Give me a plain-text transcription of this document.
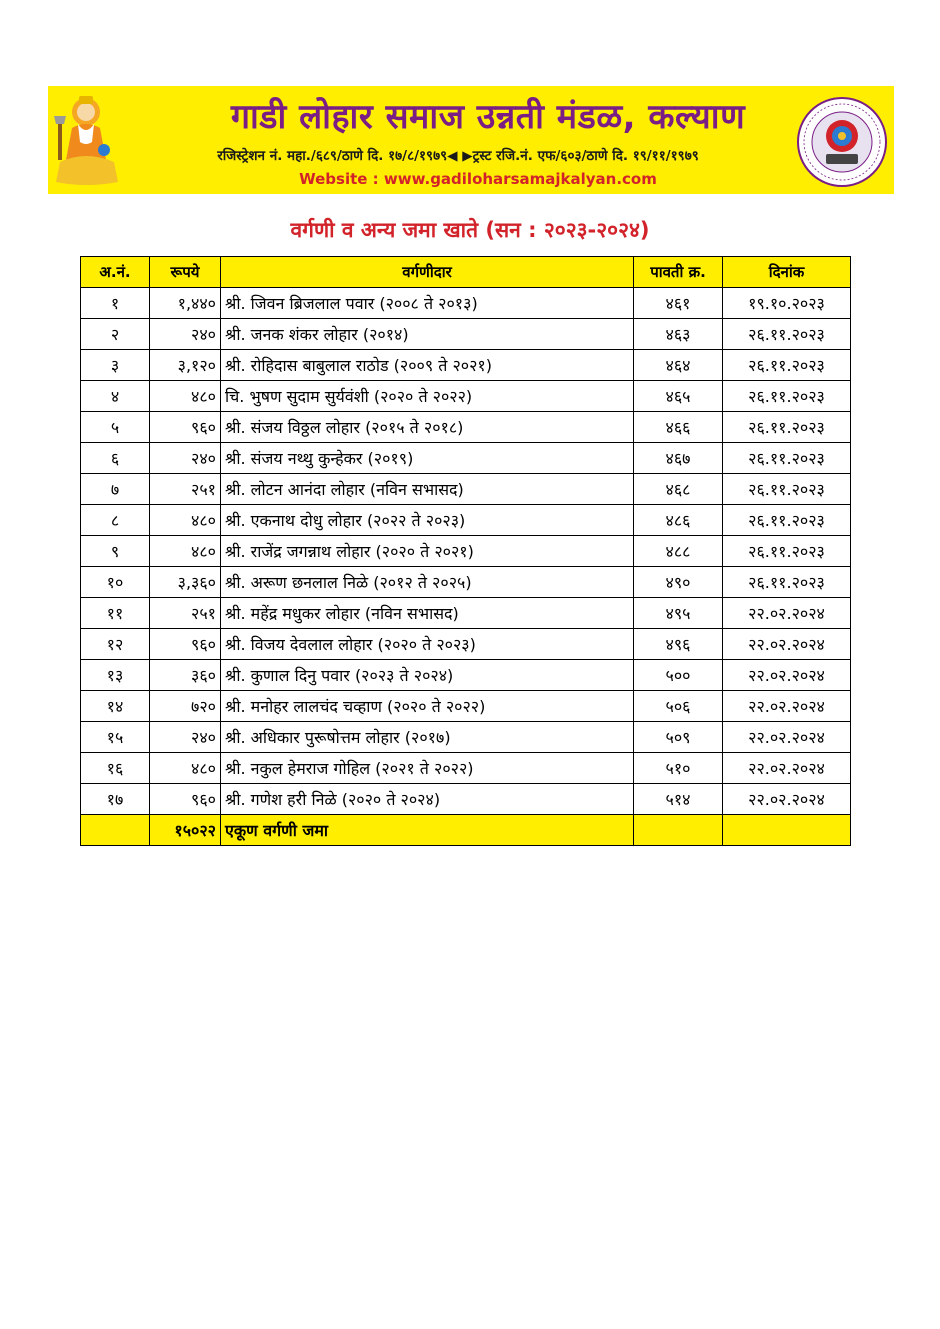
गाडी लोहार समाज उन्नती मंडळ, कल्याण
रजिस्ट्रेशन नं. महा./६८९/ठाणे दि. १७/८/१९७९◀ ▶ट्रस्ट रजि.नं. एफ/६०३/ठाणे दि. १९/११/१९७९
Website : www.gadiloharsamajkalyan.com
वर्गणी व अन्य जमा खाते (सन : २०२३-२०२४)
अ.नं.	रूपये	वर्गणीदार	पावती क्र.	दिनांक
१	१,४४०	श्री. जिवन ब्रिजलाल पवार (२००८ ते २०१३)	४६१	१९.१०.२०२३
२	२४०	श्री. जनक शंकर लोहार (२०१४)	४६३	२६.११.२०२३
३	३,१२०	श्री. रोहिदास बाबुलाल राठोड (२००९ ते २०२१)	४६४	२६.११.२०२३
४	४८०	चि. भुषण सुदाम सुर्यवंशी (२०२० ते २०२२)	४६५	२६.११.२०२३
५	९६०	श्री. संजय विठ्ठल लोहार (२०१५ ते २०१८)	४६६	२६.११.२०२३
६	२४०	श्री. संजय नथ्थु कुन्हेकर (२०१९)	४६७	२६.११.२०२३
७	२५१	श्री. लोटन आनंदा लोहार (नविन सभासद)	४६८	२६.११.२०२३
८	४८०	श्री. एकनाथ दोधु लोहार (२०२२ ते २०२३)	४८६	२६.११.२०२३
९	४८०	श्री. राजेंद्र जगन्नाथ लोहार (२०२० ते २०२१)	४८८	२६.११.२०२३
१०	३,३६०	श्री. अरूण छनलाल निळे (२०१२ ते २०२५)	४९०	२६.११.२०२३
११	२५१	श्री. महेंद्र मधुकर लोहार (नविन सभासद)	४९५	२२.०२.२०२४
१२	९६०	श्री. विजय देवलाल लोहार (२०२० ते २०२३)	४९६	२२.०२.२०२४
१३	३६०	श्री. कुणाल दिनु पवार (२०२३ ते २०२४)	५००	२२.०२.२०२४
१४	७२०	श्री. मनोहर लालचंद चव्हाण (२०२० ते २०२२)	५०६	२२.०२.२०२४
१५	२४०	श्री. अधिकार पुरूषोत्तम लोहार (२०१७)	५०९	२२.०२.२०२४
१६	४८०	श्री. नकुल हेमराज गोहिल (२०२१ ते २०२२)	५१०	२२.०२.२०२४
१७	९६०	श्री. गणेश हरी निळे (२०२० ते २०२४)	५१४	२२.०२.२०२४
	१५०२२	एकूण वर्गणी जमा		
